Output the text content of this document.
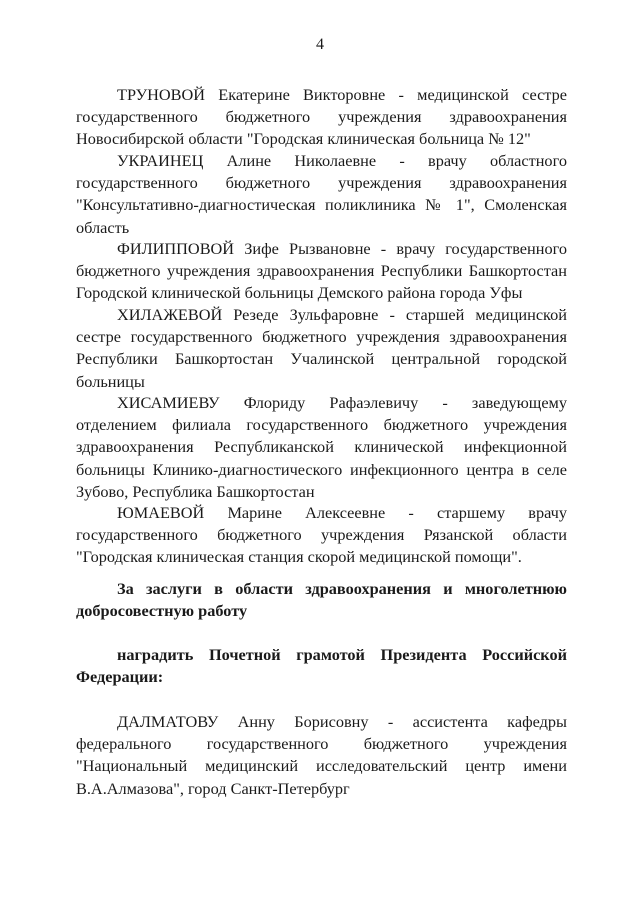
4

ТРУНОВОЙ Екатерине Викторовне - медицинской сестре государственного бюджетного учреждения здравоохранения Новосибирской области "Городская клиническая больница № 12"

УКРАИНЕЦ Алине Николаевне - врачу областного государственного бюджетного учреждения здравоохранения "Консультативно-диагностическая поликлиника № 1", Смоленская область

ФИЛИППОВОЙ Зифе Рызвановне - врачу государственного бюджетного учреждения здравоохранения Республики Башкортостан Городской клинической больницы Демского района города Уфы

ХИЛАЖЕВОЙ Резеде Зульфаровне - старшей медицинской сестре государственного бюджетного учреждения здравоохранения Республики Башкортостан Учалинской центральной городской больницы

ХИСАМИЕВУ Флориду Рафаэлевичу - заведующему отделением филиала государственного бюджетного учреждения здравоохранения Республиканской клинической инфекционной больницы Клинико-диагностического инфекционного центра в селе Зубово, Республика Башкортостан

ЮМАЕВОЙ Марине Алексеевне - старшему врачу государственного бюджетного учреждения Рязанской области "Городская клиническая станция скорой медицинской помощи".

За заслуги в области здравоохранения и многолетнюю добросовестную работу

наградить Почетной грамотой Президента Российской Федерации:

ДАЛМАТОВУ Анну Борисовну - ассистента кафедры федерального государственного бюджетного учреждения "Национальный медицинский исследовательский центр имени В.А.Алмазова", город Санкт-Петербург
